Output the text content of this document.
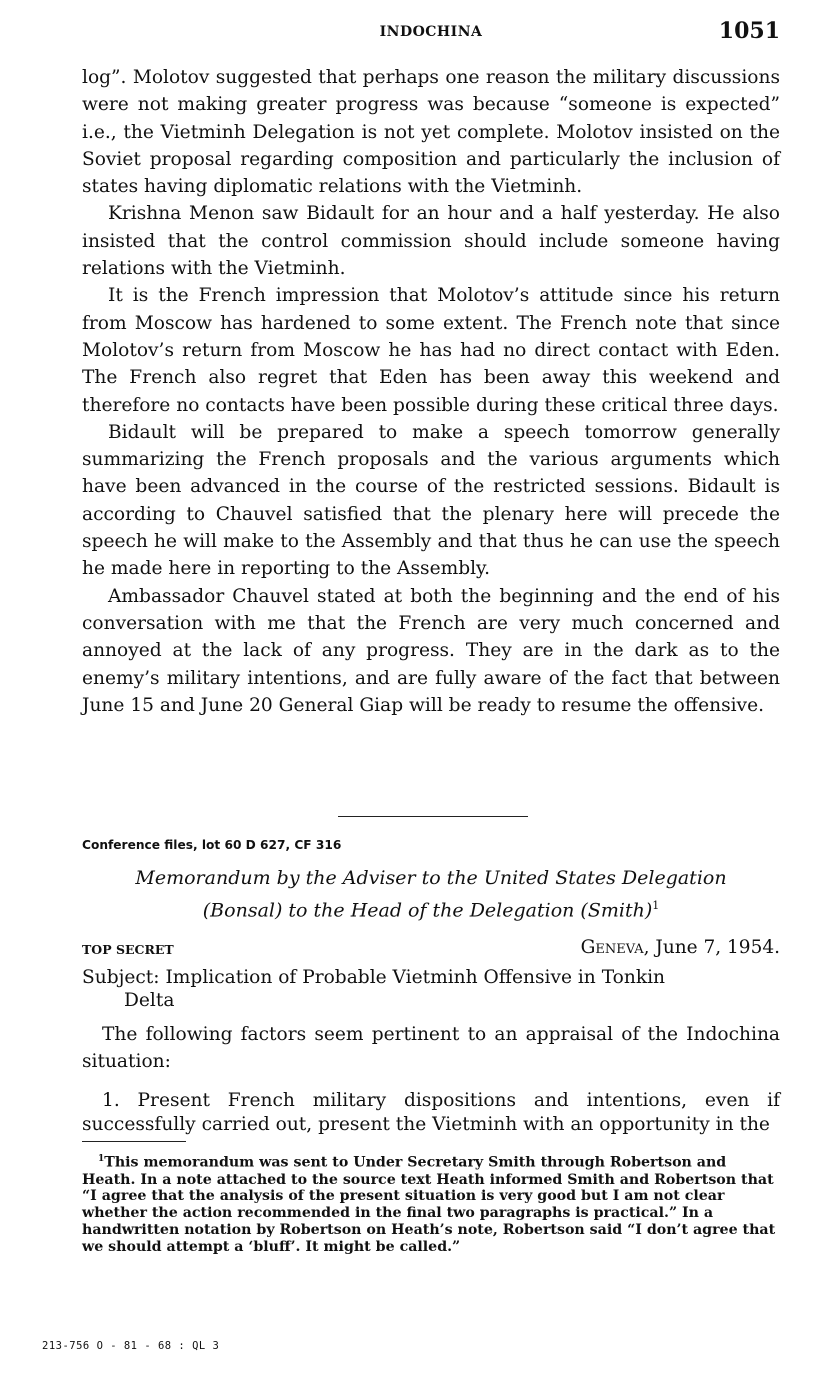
INDOCHINA	1051

log”. Molotov suggested that perhaps one reason the military discussions were not making greater progress was because “someone is expected” i.e., the Vietminh Delegation is not yet complete. Molotov insisted on the Soviet proposal regarding composition and particularly the inclusion of states having diplomatic relations with the Vietminh.

Krishna Menon saw Bidault for an hour and a half yesterday. He also insisted that the control commission should include someone having relations with the Vietminh.

It is the French impression that Molotov’s attitude since his return from Moscow has hardened to some extent. The French note that since Molotov’s return from Moscow he has had no direct contact with Eden. The French also regret that Eden has been away this weekend and therefore no contacts have been possible during these critical three days.

Bidault will be prepared to make a speech tomorrow generally summarizing the French proposals and the various arguments which have been advanced in the course of the restricted sessions. Bidault is according to Chauvel satisfied that the plenary here will precede the speech he will make to the Assembly and that thus he can use the speech he made here in reporting to the Assembly.

Ambassador Chauvel stated at both the beginning and the end of his conversation with me that the French are very much concerned and annoyed at the lack of any progress. They are in the dark as to the enemy’s military intentions, and are fully aware of the fact that between June 15 and June 20 General Giap will be ready to resume the offensive.

Conference files, lot 60 D 627, CF 316
Memorandum by the Adviser to the United States Delegation
(Bonsal) to the Head of the Delegation (Smith)$^1$
TOP SECRET	Geneva, June 7, 1954.
Subject: Implication of Probable Vietminh Offensive in Tonkin
Delta

The following factors seem pertinent to an appraisal of the Indochina situation:

1. Present French military dispositions and intentions, even if successfully carried out, present the Vietminh with an opportunity in the

$^1$This memorandum was sent to Under Secretary Smith through Robertson and Heath. In a note attached to the source text Heath informed Smith and Robertson that “I agree that the analysis of the present situation is very good but I am not clear whether the action recommended in the final two paragraphs is practical.” In a handwritten notation by Robertson on Heath’s note, Robertson said “I don’t agree that we should attempt a ‘bluff’. It might be called.”
213-756 O - 81 - 68 : QL 3
